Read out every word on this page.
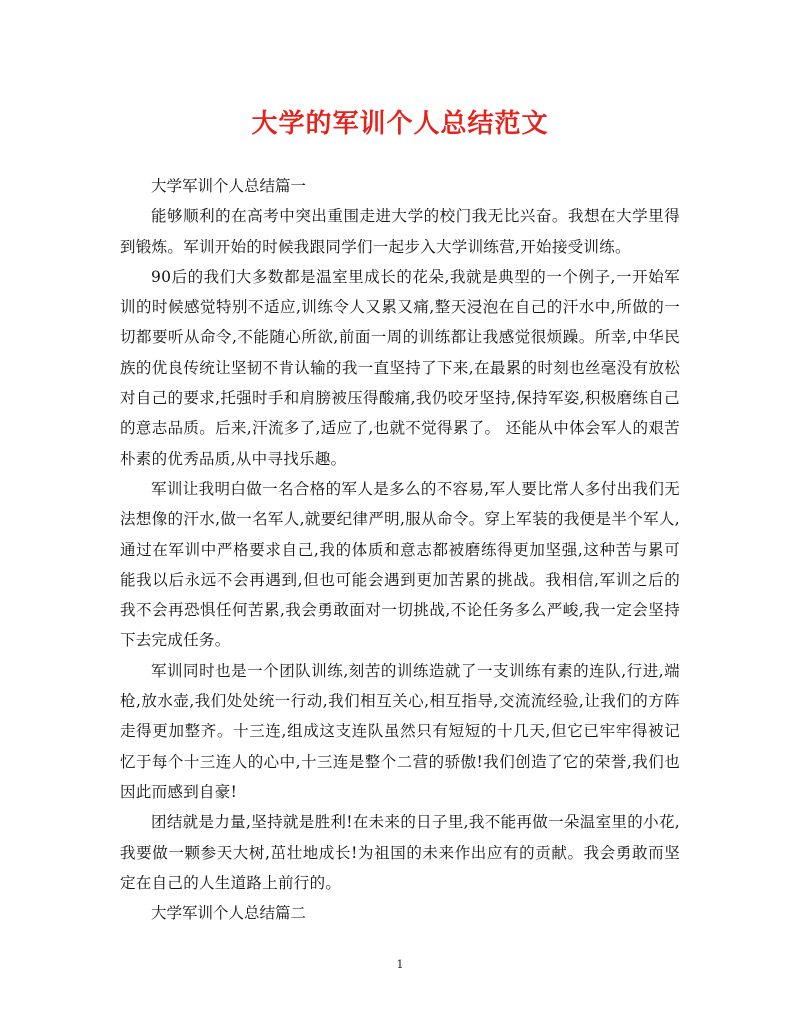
大学的军训个人总结范文

大学军训个人总结篇一

能够顺利的在高考中突出重围走进大学的校门我无比兴奋。我想在大学里得到锻炼。军训开始的时候我跟同学们一起步入大学训练营,开始接受训练。

90后的我们大多数都是温室里成长的花朵,我就是典型的一个例子,一开始军训的时候感觉特别不适应,训练令人又累又痛,整天浸泡在自己的汗水中,所做的一切都要听从命令,不能随心所欲,前面一周的训练都让我感觉很烦躁。所幸,中华民族的优良传统让坚韧不肯认输的我一直坚持了下来,在最累的时刻也丝毫没有放松对自己的要求,托强时手和肩膀被压得酸痛,我仍咬牙坚持,保持军姿,积极磨练自己的意志品质。后来,汗流多了,适应了,也就不觉得累了。 还能从中体会军人的艰苦朴素的优秀品质,从中寻找乐趣。

军训让我明白做一名合格的军人是多么的不容易,军人要比常人多付出我们无法想像的汗水,做一名军人,就要纪律严明,服从命令。穿上军装的我便是半个军人,通过在军训中严格要求自己,我的体质和意志都被磨练得更加坚强,这种苦与累可能我以后永远不会再遇到,但也可能会遇到更加苦累的挑战。我相信,军训之后的我不会再恐惧任何苦累,我会勇敢面对一切挑战,不论任务多么严峻,我一定会坚持下去完成任务。

军训同时也是一个团队训练,刻苦的训练造就了一支训练有素的连队,行进,端枪,放水壶,我们处处统一行动,我们相互关心,相互指导,交流流经验,让我们的方阵走得更加整齐。十三连,组成这支连队虽然只有短短的十几天,但它已牢牢得被记忆于每个十三连人的心中,十三连是整个二营的骄傲!我们创造了它的荣誉,我们也因此而感到自豪!

团结就是力量,坚持就是胜利!在未来的日子里,我不能再做一朵温室里的小花,我要做一颗参天大树,茁壮地成长!为祖国的未来作出应有的贡献。我会勇敢而坚定在自己的人生道路上前行的。

大学军训个人总结篇二

1
